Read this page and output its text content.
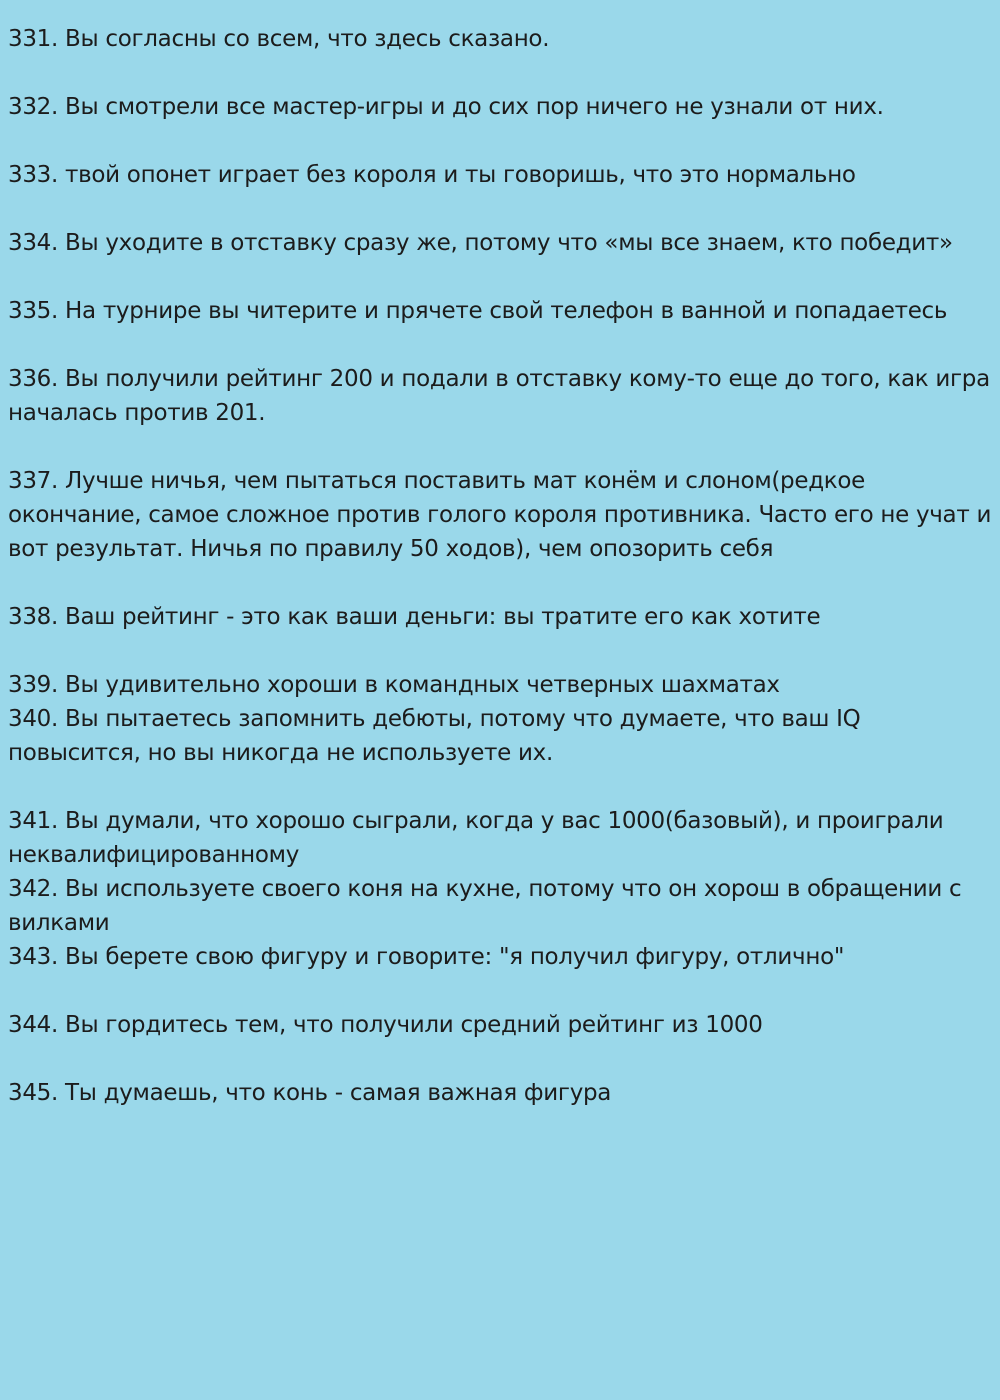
331. Вы согласны со всем, что здесь сказано.
332. Вы смотрели все мастер-игры и до сих пор ничего не узнали от них.
333. твой опонет играет без короля и ты говоришь, что это нормально
334. Вы уходите в отставку сразу же, потому что «мы все знаем, кто победит»
335. На турнире вы читерите и прячете свой телефон в ванной и попадаетесь
336. Вы получили рейтинг 200 и подали в отставку кому-то еще до того, как игра началась против 201.
337. Лучше ничья, чем пытаться поставить мат конём и слоном(редкое окончание, самое сложное против голого короля противника. Часто его не учат и вот результат. Ничья по правилу 50 ходов), чем опозорить себя
338. Ваш рейтинг - это как ваши деньги: вы тратите его как хотите
339. Вы удивительно хороши в командных четверных шахматах
340. Вы пытаетесь запомнить дебюты, потому что думаете, что ваш IQ повысится, но вы никогда не используете их.
341. Вы думали, что хорошо сыграли, когда у вас 1000(базовый), и проиграли неквалифицированному
342. Вы используете своего коня на кухне, потому что он хорош в обращении с вилками
343. Вы берете свою фигуру и говорите: "я получил фигуру, отлично"
344. Вы гордитесь тем, что получили средний рейтинг из 1000
345. Ты думаешь, что конь - самая важная фигура
